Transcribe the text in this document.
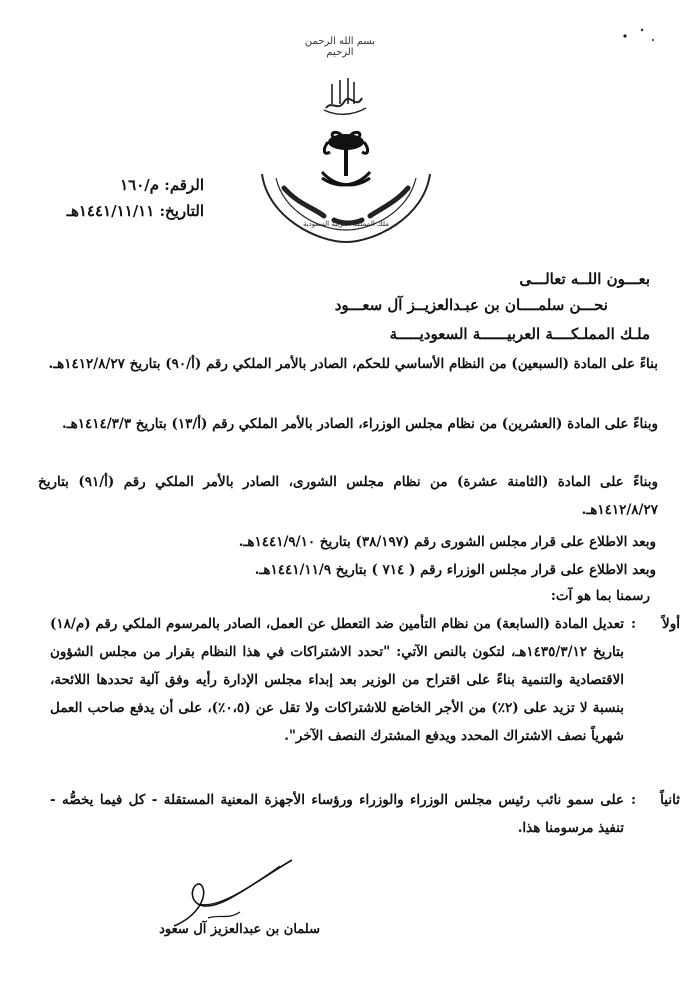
بسم الله الرحمن الرحيم
ملك المملكة العربية السعودية
الرقم: م/١٦٠
التاريخ: ١٤٤١/١١/١١هـ
بعـــون اللــه تعالـــى
نحـــن سلمــــان بن عبـدالعزيــز آل سعـــود
ملـك المملـكــــة العربيــــــة السعوديـــــة
بناءً على المادة (السبعين) من النظام الأساسي للحكم، الصادر بالأمر الملكي رقم (أ/٩٠) بتاريخ ١٤١٢/٨/٢٧هـ.
وبناءً على المادة (العشرين) من نظام مجلس الوزراء، الصادر بالأمر الملكي رقم (أ/١٣) بتاريخ ١٤١٤/٣/٣هـ.
وبناءً على المادة (الثامنة عشرة) من نظام مجلس الشورى، الصادر بالأمر الملكي رقم (أ/٩١) بتاريخ ١٤١٢/٨/٢٧هـ.
وبعد الاطلاع على قرار مجلس الشورى رقم (٣٨/١٩٧) بتاريخ ١٤٤١/٩/١٠هـ.
وبعد الاطلاع على قرار مجلس الوزراء رقم ( ٧١٤ ) بتاريخ ١٤٤١/١١/٩هـ.
رسمنا بما هو آت:
أولاً
:
تعديل المادة (السابعة) من نظام التأمين ضد التعطل عن العمل، الصادر بالمرسوم الملكي رقم (م/١٨) بتاريخ ١٤٣٥/٣/١٢هـ، لتكون بالنص الآتي: "تحدد الاشتراكات في هذا النظام بقرار من مجلس الشؤون الاقتصادية والتنمية بناءً على اقتراح من الوزير بعد إبداء مجلس الإدارة رأيه وفق آلية تحددها اللائحة، بنسبة لا تزيد على (٢٪) من الأجر الخاضع للاشتراكات ولا تقل عن (٠،٥٪)، على أن يدفع صاحب العمل شهرياً نصف الاشتراك المحدد ويدفع المشترك النصف الآخر".
ثانياً
:
على سمو نائب رئيس مجلس الوزراء والوزراء ورؤساء الأجهزة المعنية المستقلة - كل فيما يخصُّه - تنفيذ مرسومنا هذا.
سلمان بن عبدالعزيز آل سعود
